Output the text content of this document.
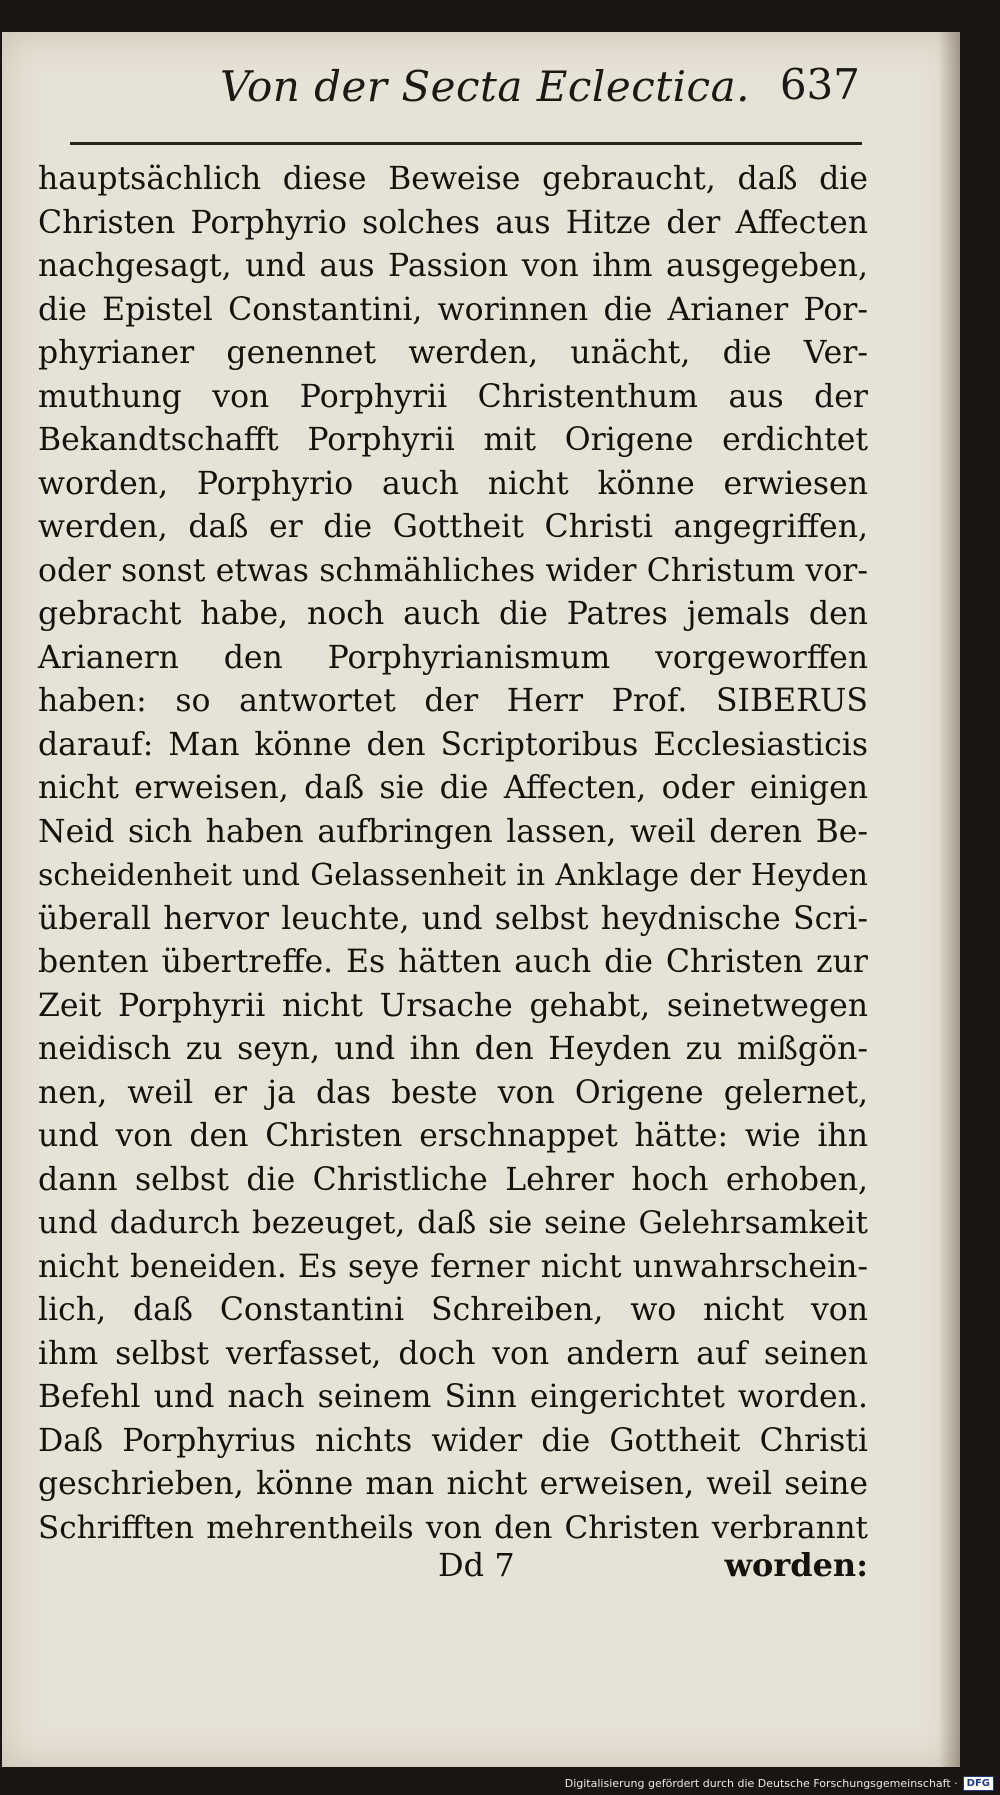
Von der Secta Eclectica. 637
hauptsächlich diese Beweise gebraucht, daß die
Christen Porphyrio solches aus Hitze der Affecten
nachgesagt, und aus Passion von ihm ausgegeben,
die Epistel Constantini, worinnen die Arianer Por-
phyrianer genennet werden, unächt, die Ver-
muthung von Porphyrii Christenthum aus der
Bekandtschafft Porphyrii mit Origene erdichtet
worden, Porphyrio auch nicht könne erwiesen
werden, daß er die Gottheit Christi angegriffen,
oder sonst etwas schmähliches wider Christum vor-
gebracht habe, noch auch die Patres jemals den
Arianern den Porphyrianismum vorgeworffen
haben: so antwortet der Herr Prof. SIBERUS
darauf: Man könne den Scriptoribus Ecclesiasticis
nicht erweisen, daß sie die Affecten, oder einigen
Neid sich haben aufbringen lassen, weil deren Be-
scheidenheit und Gelassenheit in Anklage der Heyden
überall hervor leuchte, und selbst heydnische Scri-
benten übertreffe. Es hätten auch die Christen zur
Zeit Porphyrii nicht Ursache gehabt, seinetwegen
neidisch zu seyn, und ihn den Heyden zu mißgön-
nen, weil er ja das beste von Origene gelernet,
und von den Christen erschnappet hätte: wie ihn
dann selbst die Christliche Lehrer hoch erhoben,
und dadurch bezeuget, daß sie seine Gelehrsamkeit
nicht beneiden. Es seye ferner nicht unwahrschein-
lich, daß Constantini Schreiben, wo nicht von
ihm selbst verfasset, doch von andern auf seinen
Befehl und nach seinem Sinn eingerichtet worden.
Daß Porphyrius nichts wider die Gottheit Christi
geschrieben, könne man nicht erweisen, weil seine
Schrifften mehrentheils von den Christen verbrannt
Dd 7	worden:
Digitalisierung gefördert durch die Deutsche Forschungsgemeinschaft · DFG
